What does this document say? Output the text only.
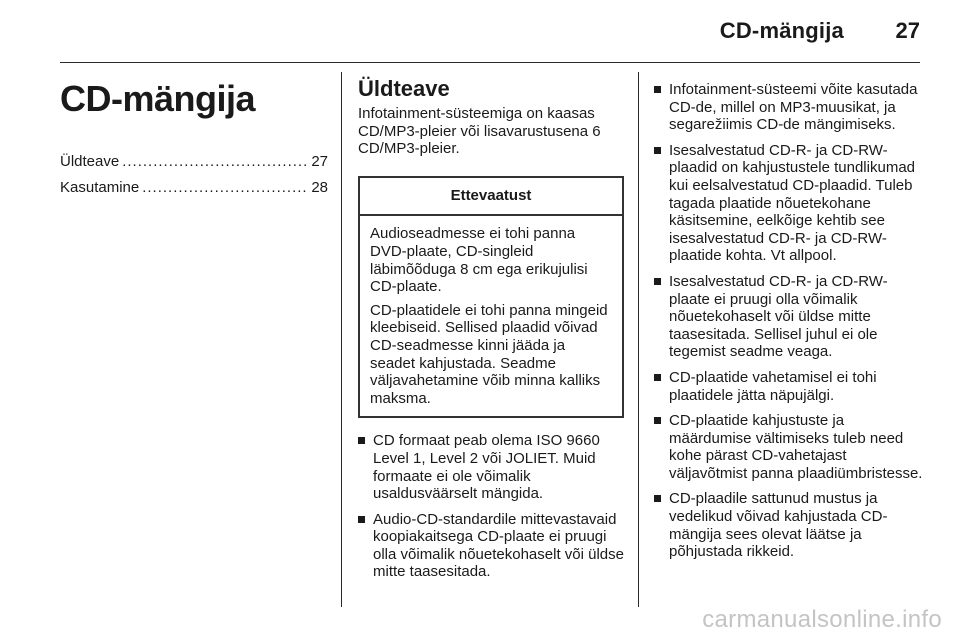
CD-mängija 27
CD-mängija
Üldteave .....	27
Kasutamine .....	28
Üldteave

Infotainment-süsteemiga on kaasas CD/MP3-pleier või lisavarustusena 6 CD/MP3-pleier.

Ettevaatust

Audioseadmesse ei tohi panna DVD-plaate, CD-singleid läbimõõduga 8 cm ega erikujulisi CD-plaate.

CD-plaatidele ei tohi panna mingeid kleebiseid. Sellised plaadid võivad CD-seadmesse kinni jääda ja seadet kahjustada. Seadme väljavahetamine võib minna kalliks maksma.

CD formaat peab olema ISO 9660 Level 1, Level 2 või JOLIET. Muid formaate ei ole võimalik usaldusväärselt mängida.
Audio-CD-standardile mittevastavaid koopiakaitsega CD-plaate ei pruugi olla võimalik nõuetekohaselt või üldse mitte taasesitada.
Infotainment-süsteemi võite kasutada CD-de, millel on MP3-muusikat, ja segarežiimis CD-de mängimiseks.
Isesalvestatud CD-R- ja CD-RW-plaadid on kahjustustele tundlikumad kui eelsalvestatud CD-plaadid. Tuleb tagada plaatide nõuetekohane käsitsemine, eelkõige kehtib see isesalvestatud CD-R- ja CD-RW-plaatide kohta. Vt allpool.
Isesalvestatud CD-R- ja CD-RW-plaate ei pruugi olla võimalik nõuetekohaselt või üldse mitte taasesitada. Sellisel juhul ei ole tegemist seadme veaga.
CD-plaatide vahetamisel ei tohi plaatidele jätta näpujälgi.
CD-plaatide kahjustuste ja määrdumise vältimiseks tuleb need kohe pärast CD-vahetajast väljavõtmist panna plaadiümbristesse.
CD-plaadile sattunud mustus ja vedelikud võivad kahjustada CD-mängija sees olevat läätse ja põhjustada rikkeid.
carmanualsonline.info
